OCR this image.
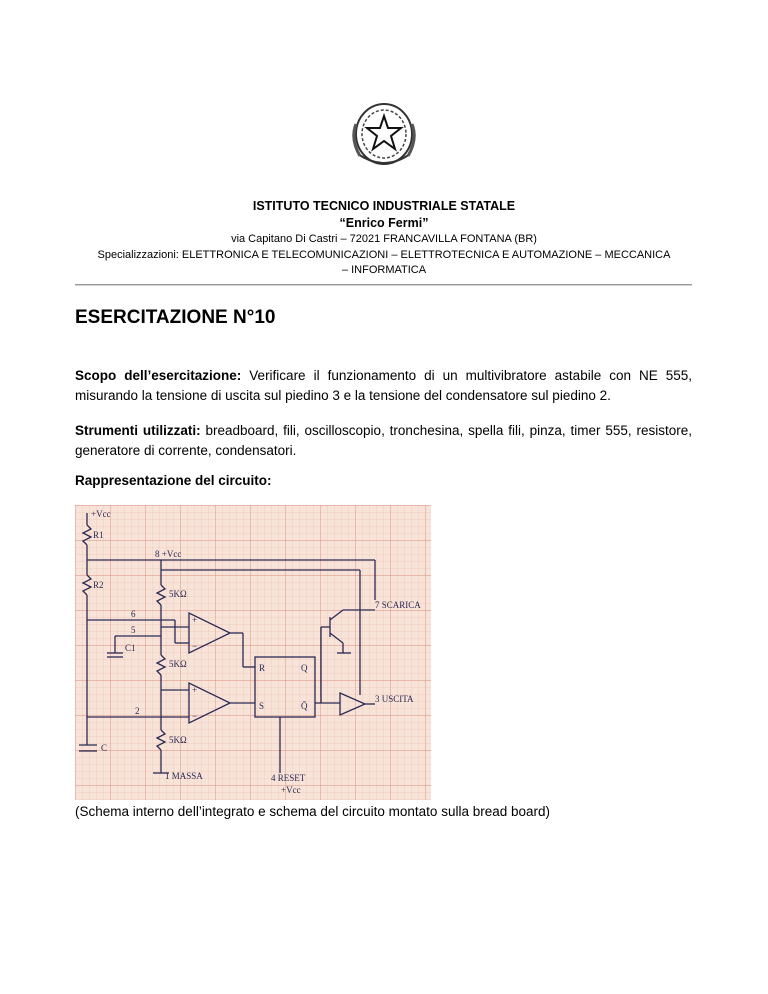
ISTITUTO TECNICO INDUSTRIALE STATALE
“Enrico Fermi”
via Capitano Di Castri – 72021 FRANCAVILLA FONTANA (BR)
Specializzazioni: ELETTRONICA E TELECOMUNICAZIONI – ELETTROTECNICA E AUTOMAZIONE – MECCANICA – INFORMATICA
ESERCITAZIONE N°10
Scopo dell’esercitazione: Verificare il funzionamento di un multivibratore astabile con NE 555, misurando la tensione di uscita sul piedino 3 e la tensione del condensatore sul piedino 2.
Strumenti utilizzati: breadboard, fili, oscilloscopio, tronchesina, spella fili, pinza, timer 555, resistore, generatore di corrente, condensatori.
Rappresentazione del circuito:
+Vcc
R1
R2
8 +Vcc
5KΩ
5KΩ
5KΩ
6
5
2
C1
C
7 SCARICA
3 USCITA
1 MASSA	4 RESET
+Vcc
R	Q
S	Q̄
+
−
+
−
(Schema interno dell’integrato e schema del circuito montato sulla bread board)
